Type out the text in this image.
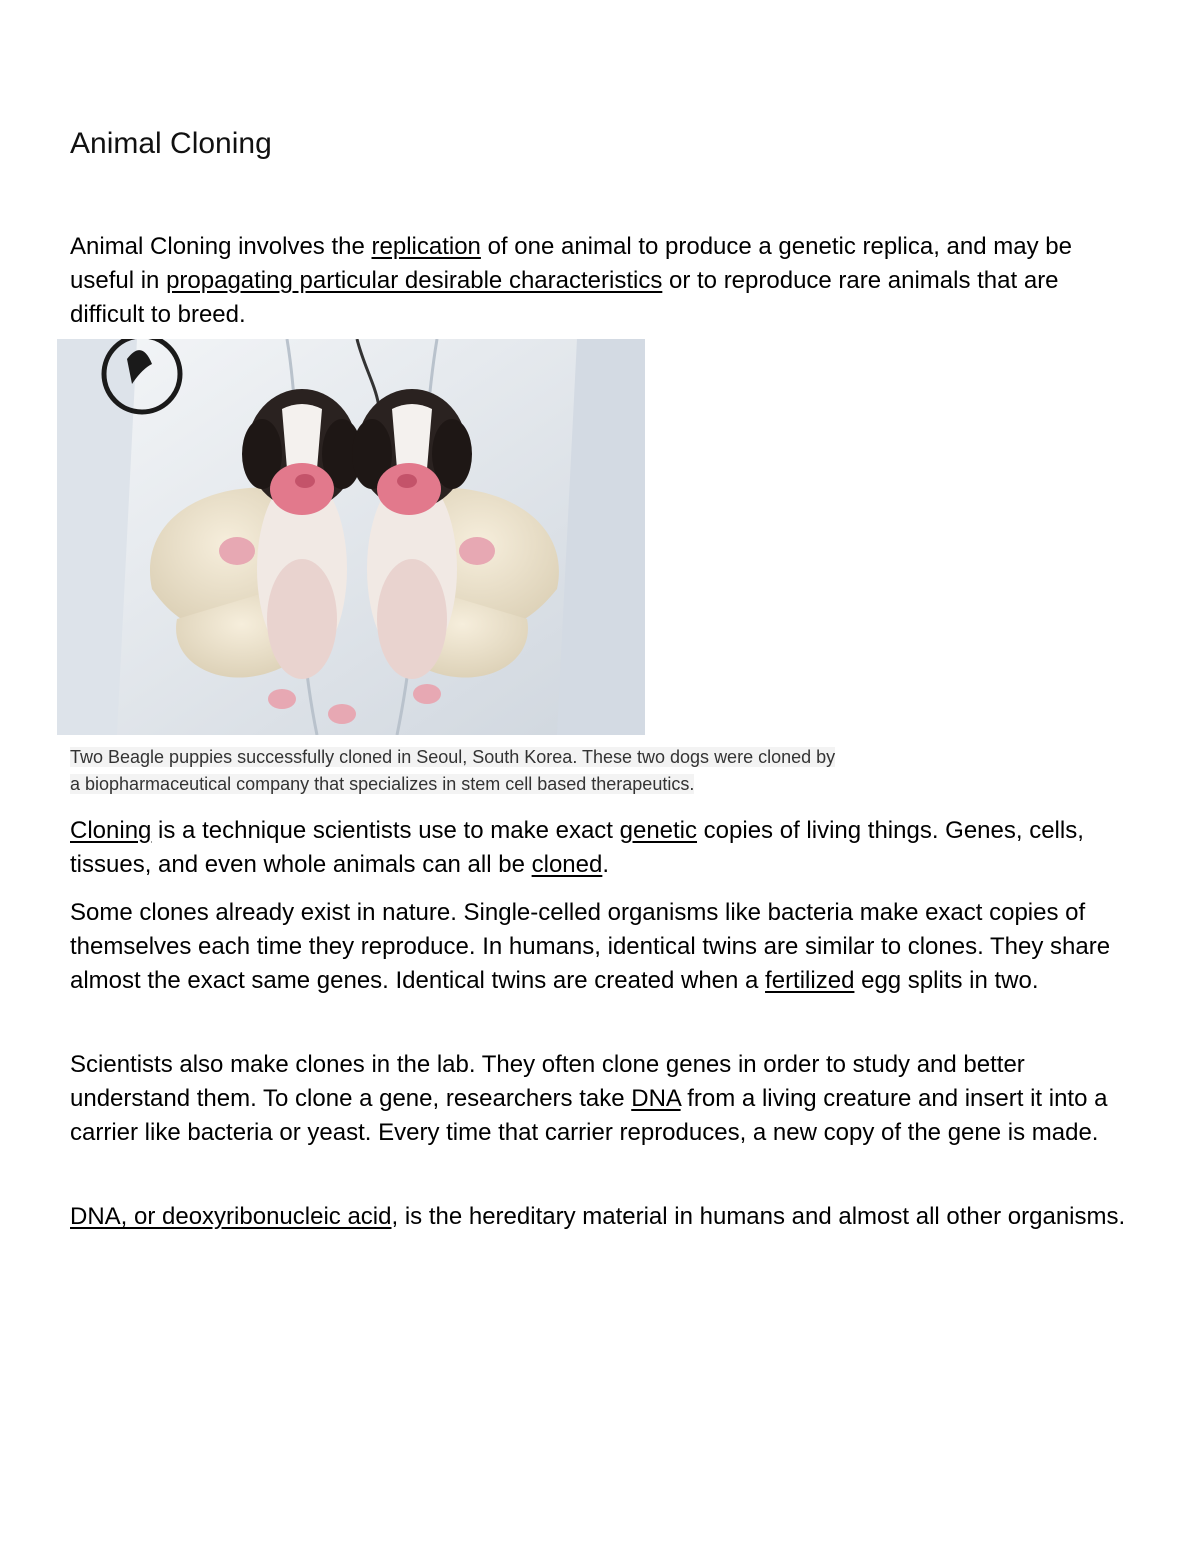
Animal Cloning

Animal Cloning involves the replication of one animal to produce a genetic replica, and may be useful in propagating particular desirable characteristics or to reproduce rare animals that are difficult to breed.

Two Beagle puppies successfully cloned in Seoul, South Korea. These two dogs were cloned by
a biopharmaceutical company that specializes in stem cell based therapeutics.

Cloning is a technique scientists use to make exact genetic copies of living things. Genes, cells, tissues, and even whole animals can all be cloned.

Some clones already exist in nature. Single-celled organisms like bacteria make exact copies of themselves each time they reproduce. In humans, identical twins are similar to clones. They share almost the exact same genes. Identical twins are created when a fertilized egg splits in two.

Scientists also make clones in the lab. They often clone genes in order to study and better understand them. To clone a gene, researchers take DNA from a living creature and insert it into a carrier like bacteria or yeast. Every time that carrier reproduces, a new copy of the gene is made.

DNA, or deoxyribonucleic acid, is the hereditary material in humans and almost all other organisms.
